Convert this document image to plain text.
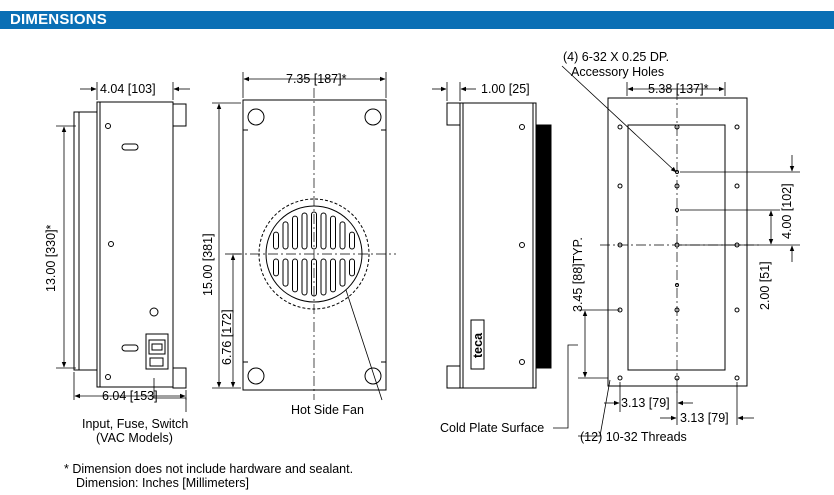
DIMENSIONS
teca
4.04 [103]
7.35 [187]*
1.00 [25]
(4) 6-32 X 0.25 DP.
Accessory Holes
5.38 [137]*
13.00 [330]*	15.00 [381]
6.76 [172]
3.45 [88]TYP.
4.00 [102]
2.00 [51]
6.04 [153]	3.13 [79]
3.13 [79]
Input, Fuse, Switch
(VAC Models)
Hot Side Fan
Cold Plate Surface
(12) 10-32 Threads
* Dimension does not include hardware and sealant.
Dimension: Inches [Millimeters]
